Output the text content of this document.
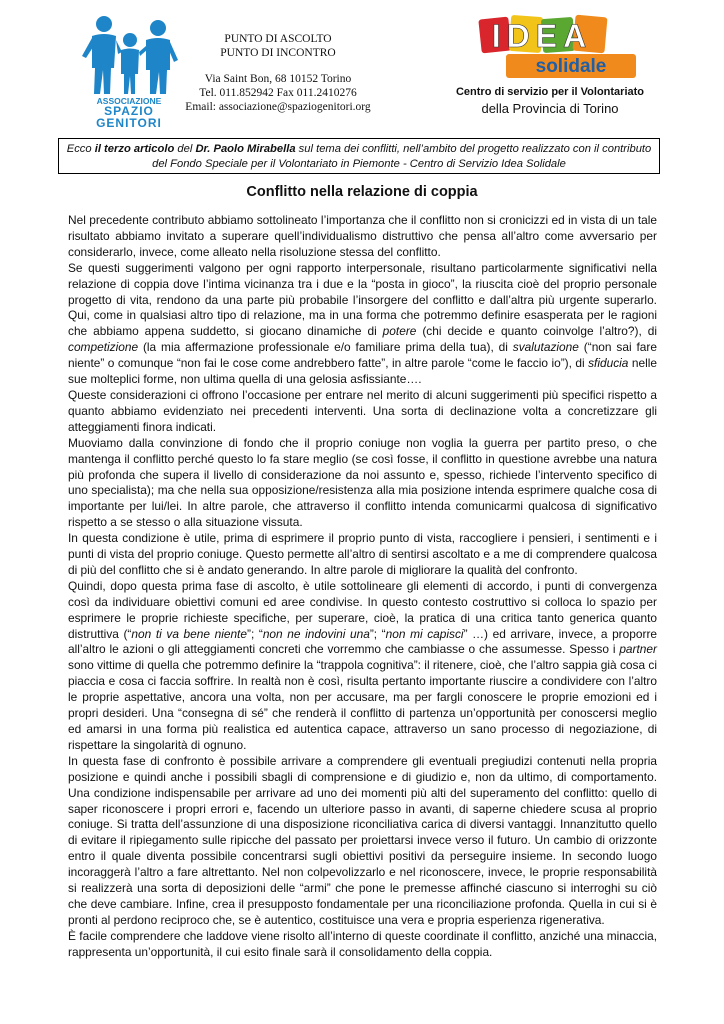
ASSOCIAZIONE
SPAZIO
GENITORI
PUNTO DI ASCOLTO
PUNTO DI INCONTRO
Via Saint Bon, 68 10152 Torino
Tel. 011.852942 Fax 011.2410276
Email: associazione@spaziogenitori.org
IDEA
solidale
Centro di servizio per il Volontariato
della Provincia di Torino
Ecco il terzo articolo del Dr. Paolo Mirabella sul tema dei conflitti, nell’ambito del progetto realizzato con il contributo del Fondo Speciale per il Volontariato in Piemonte - Centro di Servizio Idea Solidale
Conflitto nella relazione di coppia

Nel precedente contributo abbiamo sottolineato l’importanza che il conflitto non si cronicizzi ed in vista di un tale risultato abbiamo invitato a superare quell’individualismo distruttivo che pensa all’altro come avversario per considerarlo, invece, come alleato nella risoluzione stessa del conflitto.

Se questi suggerimenti valgono per ogni rapporto interpersonale, risultano particolarmente significativi nella relazione di coppia dove l’intima vicinanza tra i due e la “posta in gioco”, la riuscita cioè del proprio personale progetto di vita, rendono da una parte più probabile l’insorgere del conflitto e dall’altra più urgente superarlo. Qui, come in qualsiasi altro tipo di relazione, ma in una forma che potremmo definire esasperata per le ragioni che abbiamo appena suddetto, si giocano dinamiche di potere (chi decide e quanto coinvolge l’altro?), di competizione (la mia affermazione professionale e/o familiare prima della tua), di svalutazione (“non sai fare niente” o comunque “non fai le cose come andrebbero fatte”, in altre parole “come le faccio io”), di sfiducia nelle sue molteplici forme, non ultima quella di una gelosia asfissiante….

Queste considerazioni ci offrono l’occasione per entrare nel merito di alcuni suggerimenti più specifici rispetto a quanto abbiamo evidenziato nei precedenti interventi. Una sorta di declinazione volta a concretizzare gli atteggiamenti finora indicati.

Muoviamo dalla convinzione di fondo che il proprio coniuge non voglia la guerra per partito preso, o che mantenga il conflitto perché questo lo fa stare meglio (se così fosse, il conflitto in questione avrebbe una natura più profonda che supera il livello di considerazione da noi assunto e, spesso, richiede l’intervento specifico di uno specialista); ma che nella sua opposizione/resistenza alla mia posizione intenda esprimere qualche cosa di importante per lui/lei. In altre parole, che attraverso il conflitto intenda comunicarmi qualcosa di significativo rispetto a se stesso o alla situazione vissuta.

In questa condizione è utile, prima di esprimere il proprio punto di vista, raccogliere i pensieri, i sentimenti e i punti di vista del proprio coniuge. Questo permette all’altro di sentirsi ascoltato e a me di comprendere qualcosa di più del conflitto che si è andato generando. In altre parole di migliorare la qualità del confronto.

Quindi, dopo questa prima fase di ascolto, è utile sottolineare gli elementi di accordo, i punti di convergenza così da individuare obiettivi comuni ed aree condivise. In questo contesto costruttivo si colloca lo spazio per esprimere le proprie richieste specifiche, per superare, cioè, la pratica di una critica tanto generica quanto distruttiva (“non ti va bene niente”; “non ne indovini una”; “non mi capisci” …) ed arrivare, invece, a proporre all’altro le azioni o gli atteggiamenti concreti che vorremmo che cambiasse o che assumesse. Spesso i partner sono vittime di quella che potremmo definire la “trappola cognitiva”: il ritenere, cioè, che l’altro sappia già cosa ci piaccia e cosa ci faccia soffrire. In realtà non è così, risulta pertanto importante riuscire a condividere con l’altro le proprie aspettative, ancora una volta, non per accusare, ma per fargli conoscere le proprie emozioni ed i propri desideri. Una “consegna di sé” che renderà il conflitto di partenza un’opportunità per conoscersi meglio ed amarsi in una forma più realistica ed autentica capace, attraverso un sano processo di negoziazione, di rispettare la singolarità di ognuno.

In questa fase di confronto è possibile arrivare a comprendere gli eventuali pregiudizi contenuti nella propria posizione e quindi anche i possibili sbagli di comprensione e di giudizio e, non da ultimo, di comportamento. Una condizione indispensabile per arrivare ad uno dei momenti più alti del superamento del conflitto: quello di saper riconoscere i propri errori e, facendo un ulteriore passo in avanti, di saperne chiedere scusa al proprio coniuge. Si tratta dell’assunzione di una disposizione riconciliativa carica di diversi vantaggi. Innanzitutto quello di evitare il ripiegamento sulle ripicche del passato per proiettarsi invece verso il futuro. Un cambio di orizzonte entro il quale diventa possibile concentrarsi sugli obiettivi positivi da perseguire insieme. In secondo luogo incoraggerà l’altro a fare altrettanto. Nel non colpevolizzarlo e nel riconoscere, invece, le proprie responsabilità si realizzerà una sorta di deposizioni delle “armi” che pone le premesse affinché ciascuno si interroghi su ciò che deve cambiare. Infine, crea il presupposto fondamentale per una riconciliazione profonda. Quella in cui si è pronti al perdono reciproco che, se è autentico, costituisce una vera e propria esperienza rigenerativa.

È facile comprendere che laddove viene risolto all’interno di queste coordinate il conflitto, anziché una minaccia, rappresenta un’opportunità, il cui esito finale sarà il consolidamento della coppia.
